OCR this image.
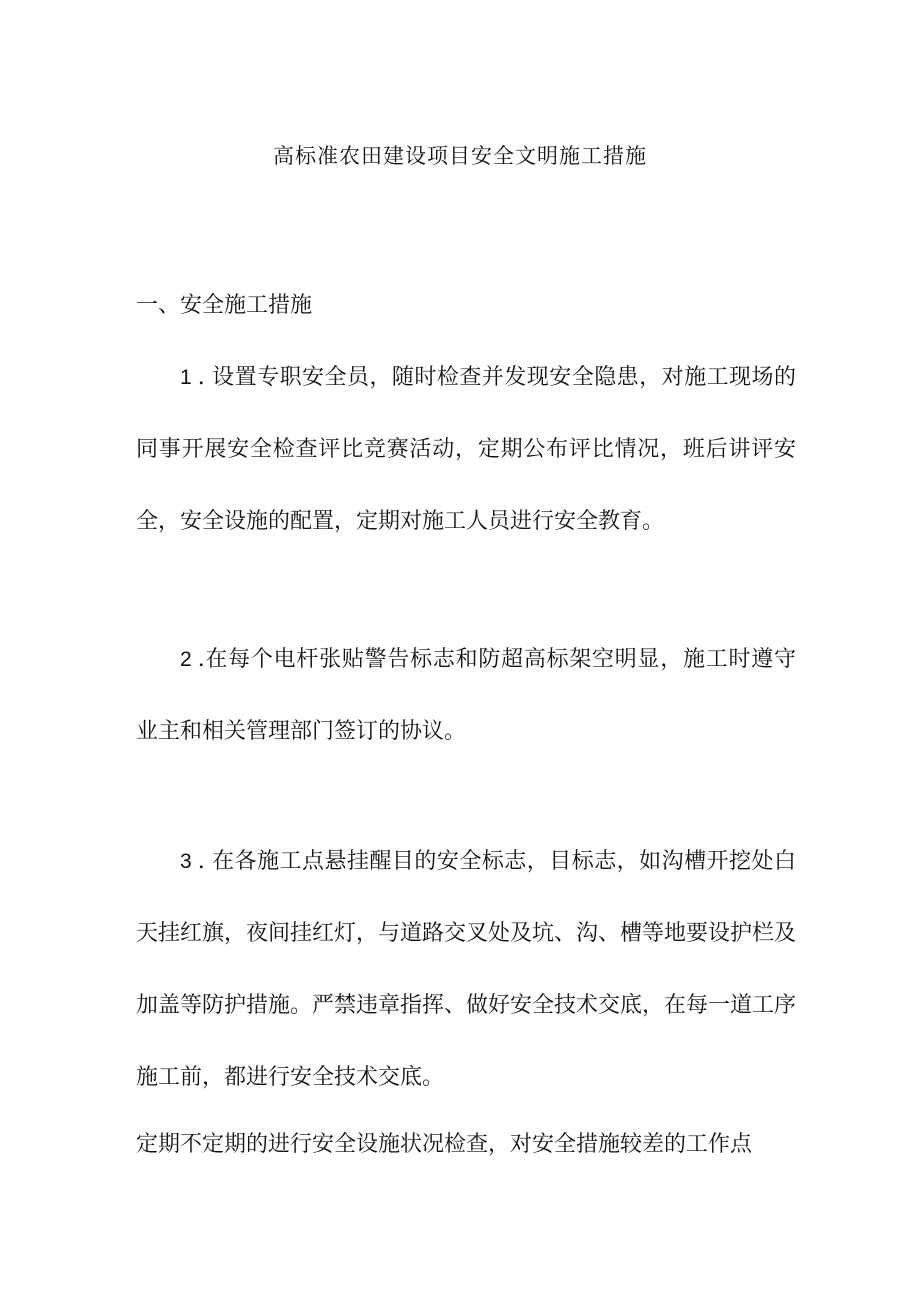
高标准农田建设项目安全文明施工措施
一、安全施工措施
1 . 设置专职安全员，随时检查并发现安全隐患，对施工现场的同事开展安全检查评比竞赛活动，定期公布评比情况，班后讲评安全，安全设施的配置，定期对施工人员进行安全教育。
2 .在每个电杆张贴警告标志和防超高标架空明显，施工时遵守业主和相关管理部门签订的协议。
3 . 在各施工点悬挂醒目的安全标志，目标志，如沟槽开挖处白天挂红旗，夜间挂红灯，与道路交叉处及坑、沟、槽等地要设护栏及加盖等防护措施。严禁违章指挥、做好安全技术交底，在每一道工序施工前，都进行安全技术交底。
定期不定期的进行安全设施状况检查，对安全措施较差的工作点
